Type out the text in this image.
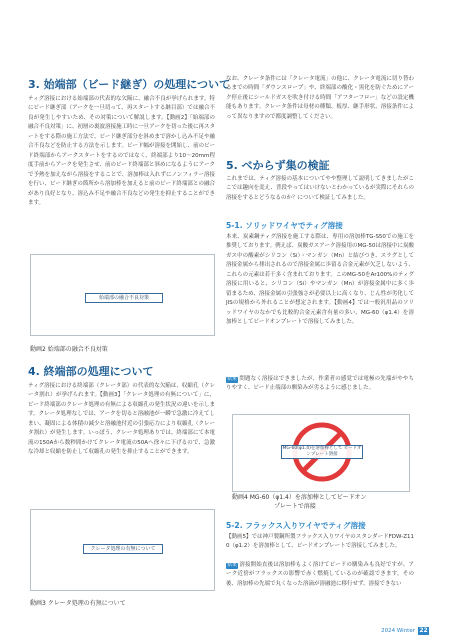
3. 始端部（ビード継ぎ）の処理について

ティグ溶接における始端部の代表的な欠陥に、融合不良が挙げられます。特にビード継ぎ部（アークを一旦切って、再スタートする継目部）では融合不良が発生しやすいため、その対策について解説します。【動画2】「始端部の融合不良対策」に、初層の裏波溶接施工時に一旦アークを切った後に再スタートをする際の施工方法で、ビード継ぎ部分を斜めまで溶かし込み不足や融合不良などを防止する方法を示します。ビード幅が溶接を開始し、前のビード終端部からアークスタートをするのではなく、終端部より10〜20mm程度手前からアークを発生させ、前のビード終端部と斜めになるようにアークで予熱を加えながら溶接をすることで、溶加棒は入れずにノンフィラー溶接を行い、ビード継ぎの箇所から溶加棒を加えると前のビード終端部との融合があり良好となり、溶込み不足や融合不良などの発生を抑止することができます。

始端部の融合不良対策
動画2 始端部の融合不良対策
4. 終端部の処理について

ティグ溶接における終端部（クレータ部）の代表的な欠陥は、収縮孔（クレータ割れ）が挙げられます。【動画3】「クレータ処理の有無について」に、ビード終端部のクレータ処理の有無による収縮孔の発生状況の違いを示します。クレータ処理なしでは、アークを切ると溶融池が一瞬で急激に冷えてしまい、凝固による体積の減少と溶融池付近の引張応力により収縮孔（クレータ割れ）が発生します。いっぽう、クレータ処理ありでは、終端部にて本電流の150Aから数秒間かけてクレータ電流の50Aへ徐々に下げるので、急激な冷却と収縮を防止して収縮孔の発生を抑止することができます。

クレータ処理の有無について
動画3 クレータ処理の有無について

なお、クレータ条件には「クレータ電流」の他に、クレータ電流に切り替わるまでの時間「ダウンスロープ」や、終端部の酸化・黒化を防ぐためにアーク停止後にシールドガスを吹き付ける時間「アフターフロー」などの設定機能もあります。クレータ条件は母材の種類、板厚、継手形状、溶接条件によって異なりますので都度調整してください。

5. べからず集の検証

これまでは、ティグ溶接の基本についてやや整理して説明してきましたがここでは趣向を変え、普段やってはいけないとわかっているが実際にそれらの溶接をするとどうなるのか？について検証してみました。

5-1. ソリッドワイヤでティグ溶接

本来、炭素鋼ティグ溶接を施工する際は、専用の溶加棒TG-S50での施工を推奨しております。例えば、炭酸ガスアーク溶接用のMG-50は溶接中に炭酸ガス中の酸素がシリコン（Si）・マンガン（Mn）と結びつき、スラグとして溶接金属から排出されるので溶接金属に歩留る合金元素が欠乏しないよう、これらの元素は若干多く含まれております。このMG-50をAr100%のティグ溶接に用いると、シリコン（Si）やマンガン（Mn）が溶接金属中に多く歩留まるため、溶接金属の引張強さが必要以上に高くなり、じん性が劣化してJISの規格から外れることが想定されます。【動画4】では一般汎用品のソリッドワイヤのなかでも比較的合金元素含有量の多い、MG-60（φ1.4）を溶加棒としてビードオンプレートで溶接してみました。

結果 問題なく溶接はできましたが、作業者の感覚では電極の先端がややちりやすく、ビード止端部の馴染みが劣るように感じました。

MG-60(φ1.4)を溶加棒として ビードオンプレート溶接
動画4 MG-60（φ1.4）を溶加棒としてビードオン
プレートで溶接
5-2. フラックス入りワイヤでティグ溶接

【動画5】では神戸製鋼所製フラックス入りワイヤのスタンダードFDW-Z110（φ1.2）を溶加棒として、ビードオンプレートで溶接してみました。

結果 溶接開始直後は溶加棒もよく溶けてビードの馴染みも良好ですが、アーク近傍がフラックスの影響で赤く燃焼しているのが確認できます。その後、溶加棒の先端で丸くなった溶滴が溶融池に移行せず、溶接できない

2024 Winter 22
